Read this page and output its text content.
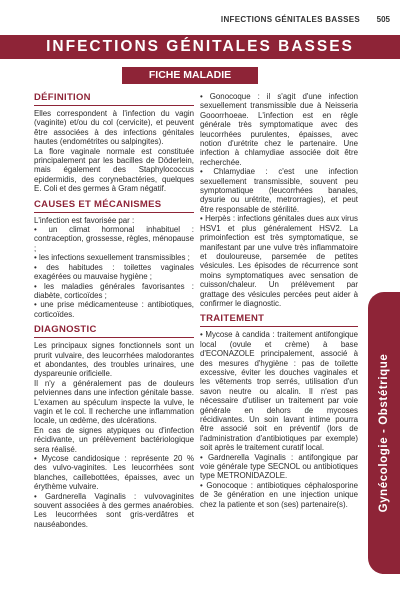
INFECTIONS GÉNITALES BASSES 505
INFECTIONS GÉNITALES BASSES
FICHE MALADIE
DÉFINITION

Elles correspondent à l'infection du vagin (vaginite) et/ou du col (cervicite), et peuvent être associées à des infections génitales hautes (endométrites ou salpingites).

La flore vaginale normale est constituée principalement par les bacilles de Döderlein, mais également des Staphylococcus epidermidis, des corynebactéries, quelques E. Coli et des germes à Gram négatif.

CAUSES ET MÉCANISMES

L'infection est favorisée par :

• un climat hormonal inhabituel : contraception, grossesse, règles, ménopause ;

• les infections sexuellement transmissibles ;

• des habitudes : toilettes vaginales exagérées ou mauvaise hygiène ;

• les maladies générales favorisantes : diabète, corticoïdes ;

• une prise médicamenteuse : antibiotiques, corticoïdes.

DIAGNOSTIC

Les principaux signes fonctionnels sont un prurit vulvaire, des leucorrhées malodorantes et abondantes, des troubles urinaires, une dyspareunie orificielle.

Il n'y a généralement pas de douleurs pelviennes dans une infection génitale basse. L'examen au spéculum inspecte la vulve, le vagin et le col. Il recherche une inflammation locale, un œdème, des ulcérations.

En cas de signes atypiques ou d'infection récidivante, un prélèvement bactériologique sera réalisé.

• Mycose candidosique : représente 20 % des vulvo-vaginites. Les leucorrhées sont blanches, caillebottées, épaisses, avec un érythème vulvaire.

• Gardnerella Vaginalis : vulvovaginites souvent associées à des germes anaérobies. Les leucorrhées sont gris-verdâtres et nauséabondes.

• Gonocoque : il s'agit d'une infection sexuellement transmissible due à Neisseria Gooorrhoeae. L'infection est en règle générale très symptomatique avec des leucorrhées purulentes, épaisses, avec notion d'urétrite chez le partenaire. Une infection à chlamydiae associée doit être recherchée.

• Chlamydiae : c'est une infection sexuellement transmissible, souvent peu symptomatique (leucorrhées banales, dysurie ou urétrite, metrorragies), et peut être responsable de stérilité.

• Herpès : infections génitales dues aux virus HSV1 et plus généralement HSV2. La primoinfection est très symptomatique, se manifestant par une vulve très inflammatoire et douloureuse, parsemée de petites vésicules. Les épisodes de récurrence sont moins symptomatiques avec sensation de cuisson/chaleur. Un prélèvement par grattage des vésicules percées peut aider à confirmer le diagnostic.

TRAITEMENT

• Mycose à candida : traitement antifongique local (ovule et crème) à base d'ECONAZOLE principalement, associé à des mesures d'hygiène : pas de toilette excessive, éviter les douches vaginales et les vêtements trop serrés, utilisation d'un savon neutre ou alcalin. Il n'est pas nécessaire d'utiliser un traitement par voie générale en dehors de mycoses récidivantes. Un soin lavant intime pourra être associé soit en préventif (lors de l'administration d'antibiotiques par exemple) soit après le traitement curatif local.

• Gardnerella Vaginalis : antifongique par voie générale type SECNOL ou antibiotiques type METRONIDAZOLE.

• Gonocoque : antibiotiques céphalosporine de 3e génération en une injection unique chez la patiente et son (ses) partenaire(s).	Gynécologie - Obstétrique
